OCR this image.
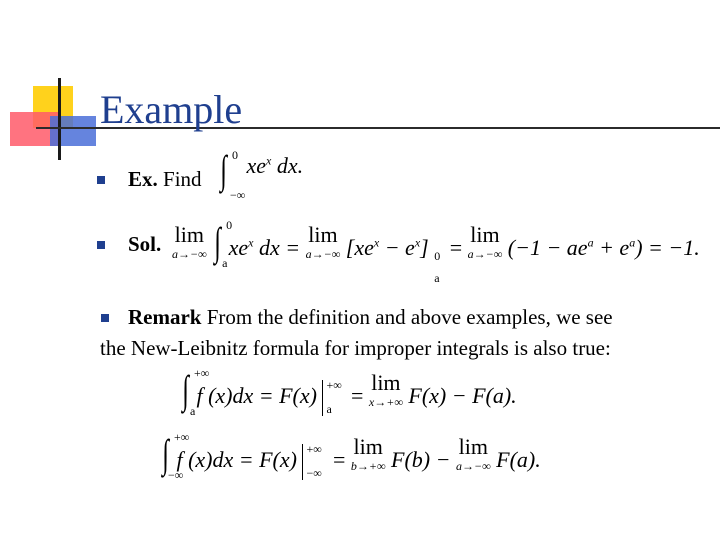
Example
Ex. Find ∫ 0
−∞
$xe^x$ dx.
Sol. lim
a→−∞ ∫ 0
a
$xe^x$ dx = lim
a→−∞ $[xe^x - e^x]$ 0
a
= lim
a→−∞ $(-1 - ae^a + e^a) = -1$.
Remark From the definition and above examples, we see
the New-Leibnitz formula for improper integrals is also true:
∫ +∞
a
f (x)dx = F(x) +∞
a
= lim
x→+∞ F(x) − F(a).
∫ +∞
−∞
f (x)dx = F(x) +∞
−∞
= lim
b→+∞ F(b) − lim
a→−∞ F(a).
